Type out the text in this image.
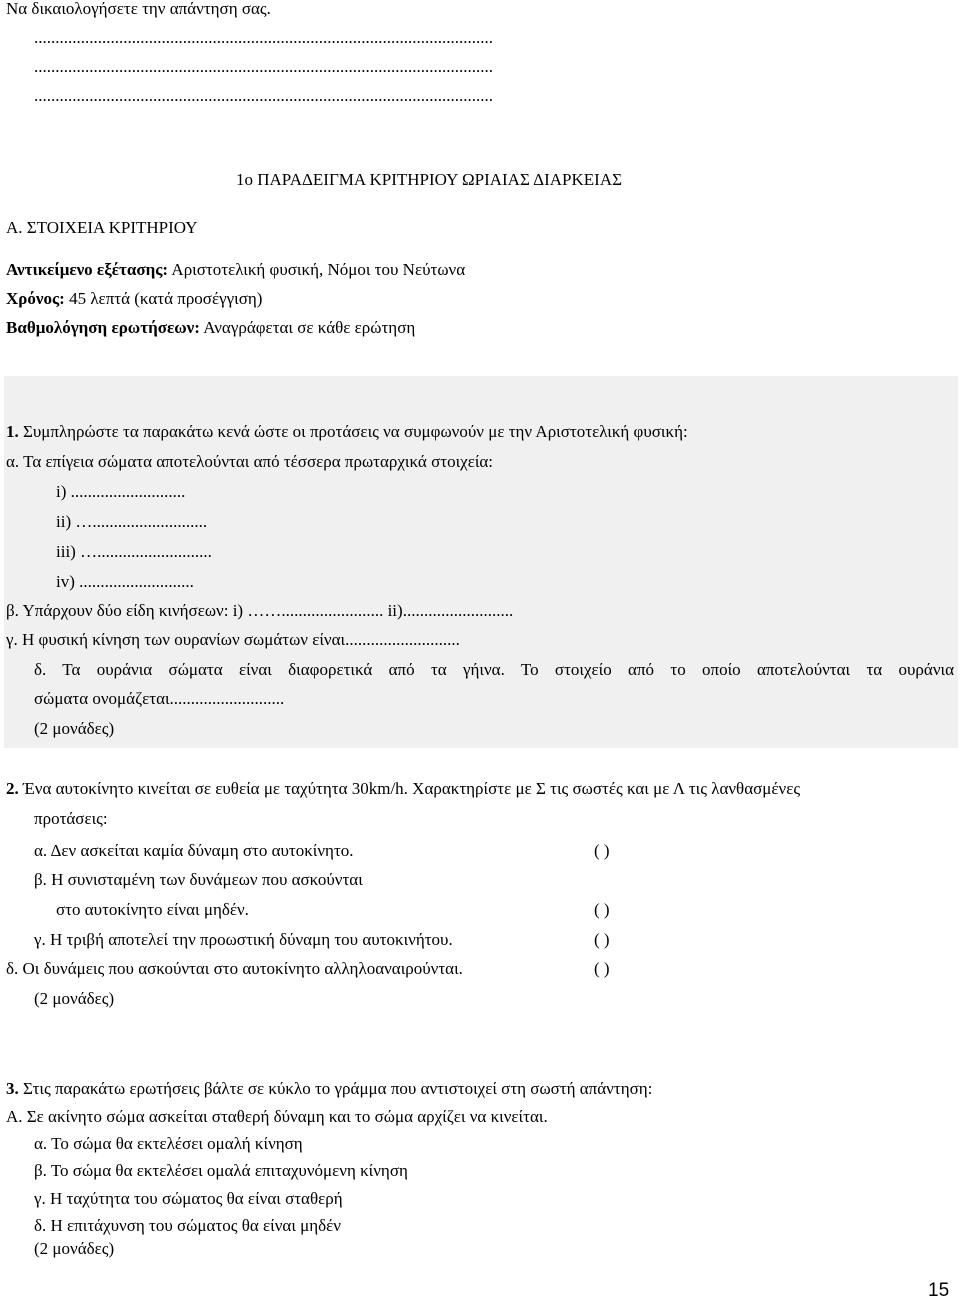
Να δικαιολογήσετε την απάντηση σας.
............................................................................................................
............................................................................................................
............................................................................................................
1ο ΠΑΡΑΔΕΙΓΜΑ ΚΡΙΤΗΡΙΟΥ ΩΡΙΑΙΑΣ ΔΙΑΡΚΕΙΑΣ
Α. ΣΤΟΙΧΕΙΑ ΚΡΙΤΗΡΙΟΥ
Αντικείμενο εξέτασης: Αριστοτελική φυσική, Νόμοι του Νεύτωνα
Χρόνος: 45 λεπτά (κατά προσέγγιση)
Βαθμολόγηση ερωτήσεων: Αναγράφεται σε κάθε ερώτηση
1. Συμπληρώστε τα παρακάτω κενά ώστε οι προτάσεις να συμφωνούν με την Αριστοτελική φυσική:
α. Τα επίγεια σώματα αποτελούνται από τέσσερα πρωταρχικά στοιχεία:
i) ...........................
ii) …...........................
iii) …...........................
iv) ...........................
β. Υπάρχουν δύο είδη κινήσεων: i) ……........................ ii)..........................
γ. Η φυσική κίνηση των ουρανίων σωμάτων είναι...........................
δ. Τα ουράνια σώματα είναι διαφορετικά από τα γήινα. Το στοιχείο από το οποίο αποτελούνται τα ουράνια
σώματα ονομάζεται...........................
(2 μονάδες)
2. Ένα αυτοκίνητο κινείται σε ευθεία με ταχύτητα 30km/h. Χαρακτηρίστε με Σ τις σωστές και με Λ τις λανθασμένες
προτάσεις:
α. Δεν ασκείται καμία δύναμη στο αυτοκίνητο.	( )
β. Η συνισταμένη των δυνάμεων που ασκούνται
στο αυτοκίνητο είναι μηδέν.	( )
γ. Η τριβή αποτελεί την προωστική δύναμη του αυτοκινήτου.	( )
δ. Οι δυνάμεις που ασκούνται στο αυτοκίνητο αλληλοαναιρούνται.	( )
(2 μονάδες)
3. Στις παρακάτω ερωτήσεις βάλτε σε κύκλο το γράμμα που αντιστοιχεί στη σωστή απάντηση:
Α. Σε ακίνητο σώμα ασκείται σταθερή δύναμη και το σώμα αρχίζει να κινείται.
α. Το σώμα θα εκτελέσει ομαλή κίνηση
β. Το σώμα θα εκτελέσει ομαλά επιταχυνόμενη κίνηση
γ. Η ταχύτητα του σώματος θα είναι σταθερή
δ. Η επιτάχυνση του σώματος θα είναι μηδέν
(2 μονάδες)
15
